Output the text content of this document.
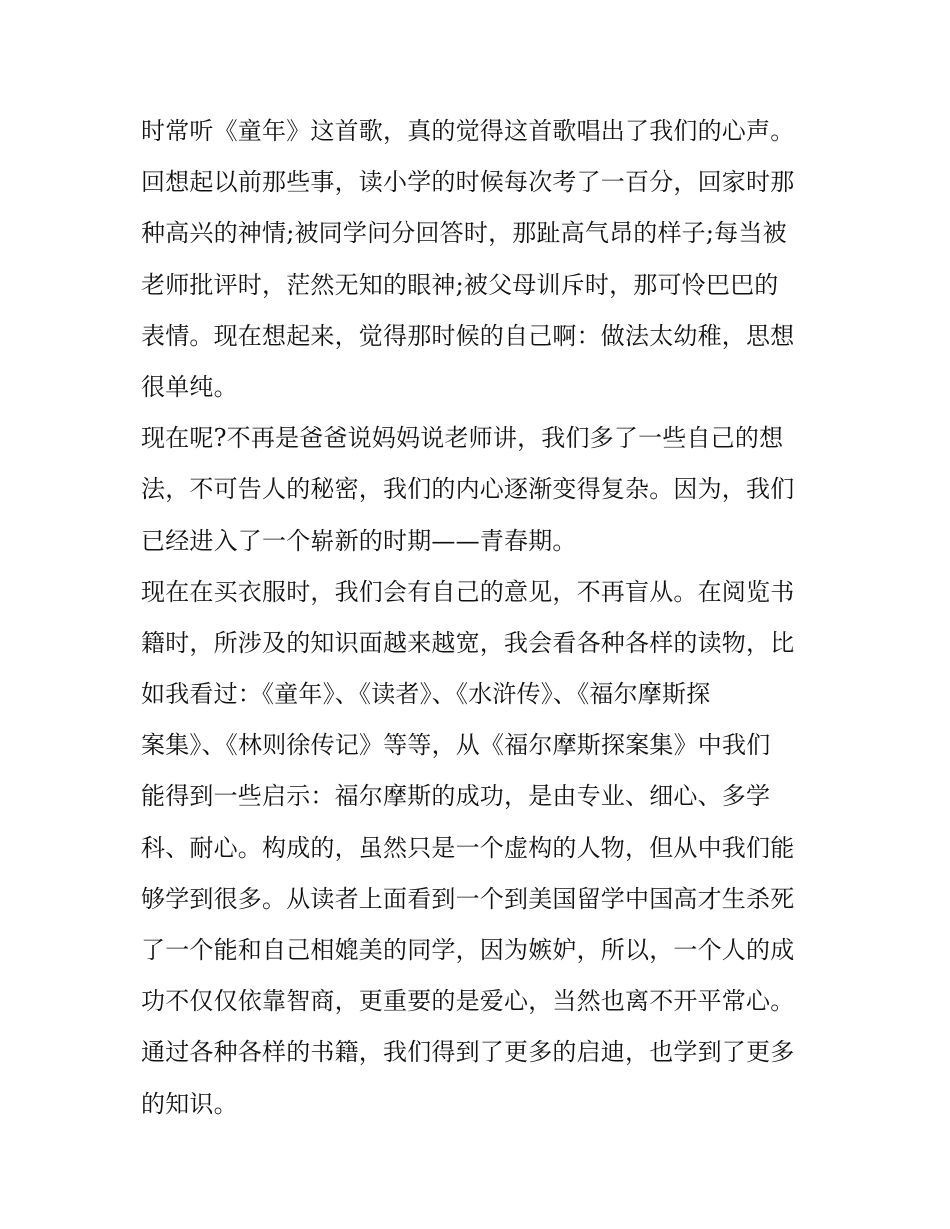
时常听《童年》这首歌，真的觉得这首歌唱出了我们的心声。
回想起以前那些事，读小学的时候每次考了一百分，回家时那
种高兴的神情;被同学问分回答时，那趾高气昂的样子;每当被
老师批评时，茫然无知的眼神;被父母训斥时，那可怜巴巴的
表情。现在想起来，觉得那时候的自己啊：做法太幼稚，思想
很单纯。
现在呢?不再是爸爸说妈妈说老师讲，我们多了一些自己的想
法，不可告人的秘密，我们的内心逐渐变得复杂。因为，我们
已经进入了一个崭新的时期——青春期。
现在在买衣服时，我们会有自己的意见，不再盲从。在阅览书
籍时，所涉及的知识面越来越宽，我会看各种各样的读物，比
如我看过：《童年》、《读者》、《水浒传》、《福尔摩斯探
案集》、《林则徐传记》等等，从《福尔摩斯探案集》中我们
能得到一些启示：福尔摩斯的成功，是由专业、细心、多学
科、耐心。构成的，虽然只是一个虚构的人物，但从中我们能
够学到很多。从读者上面看到一个到美国留学中国高才生杀死
了一个能和自己相媲美的同学，因为嫉妒，所以，一个人的成
功不仅仅依靠智商，更重要的是爱心，当然也离不开平常心。
通过各种各样的书籍，我们得到了更多的启迪，也学到了更多
的知识。
